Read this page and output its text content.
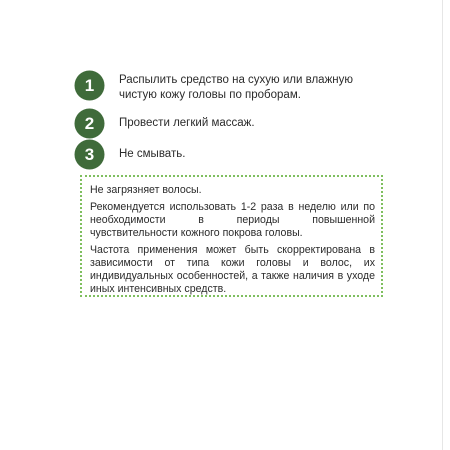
1	Распылить средство на сухую или влажную чистую кожу головы по проборам.
2	Провести легкий массаж.
3	Не смывать.

Не загрязняет волосы.

Рекомендуется использовать 1-2 раза в неделю или по необходимости в периоды повышенной чувствительности кожного покрова головы.

Частота применения может быть скорректирована в зависимости от типа кожи головы и волос, их индивидуальных особенностей, а также наличия в уходе иных интенсивных средств.
